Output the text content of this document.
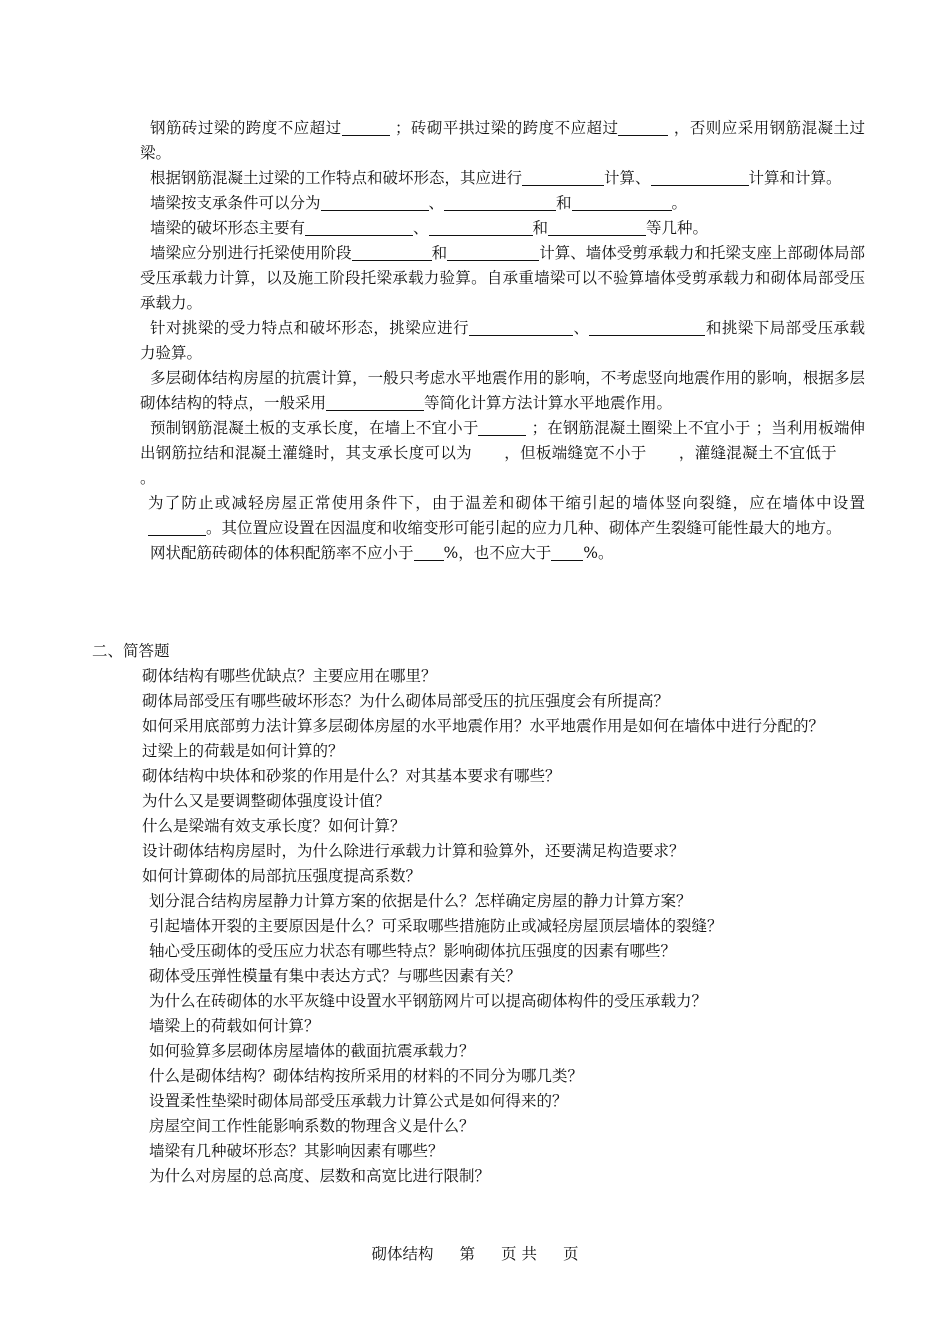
钢筋砖过梁的跨度不应超过	；砖砌平拱过梁的跨度不应超过	，否则应采用钢筋混凝土过梁。

根据钢筋混凝土过梁的工作特点和破坏形态，其应进行	计算、	计算和计算。

墙梁按支承条件可以分为	、	和	。

墙梁的破坏形态主要有	、	和	等几种。

墙梁应分别进行托梁使用阶段	和	计算、墙体受剪承载力和托梁支座上部砌体局部受压承载力计算，以及施工阶段托梁承载力验算。自承重墙梁可以不验算墙体受剪承载力和砌体局部受压承载力。

针对挑梁的受力特点和破坏形态，挑梁应进行	、	和挑梁下局部受压承载力验算。

多层砌体结构房屋的抗震计算，一般只考虑水平地震作用的影响，不考虑竖向地震作用的影响，根据多层砌体结构的特点，一般采用	等简化计算方法计算水平地震作用。

预制钢筋混凝土板的支承长度，在墙上不宜小于	；在钢筋混凝土圈梁上不宜小于 ；当利用板端伸出钢筋拉结和混凝土灌缝时，其支承长度可以为 ，但板端缝宽不小于 ，灌缝混凝土不宜低于。

为了防止或减轻房屋正常使用条件下，由于温差和砌体干缩引起的墙体竖向裂缝，应在墙体中设置。其位置应设置在因温度和收缩变形可能引起的应力几种、砌体产生裂缝可能性最大的地方。

网状配筋砖砌体的体积配筋率不应小于 %，也不应大于 %。

二、简答题

砌体结构有哪些优缺点？主要应用在哪里？
砌体局部受压有哪些破坏形态？为什么砌体局部受压的抗压强度会有所提高？
如何采用底部剪力法计算多层砌体房屋的水平地震作用？水平地震作用是如何在墙体中进行分配的？
过梁上的荷载是如何计算的？
砌体结构中块体和砂浆的作用是什么？对其基本要求有哪些？
为什么又是要调整砌体强度设计值？
什么是梁端有效支承长度？如何计算？
设计砌体结构房屋时，为什么除进行承载力计算和验算外，还要满足构造要求？
如何计算砌体的局部抗压强度提高系数？
划分混合结构房屋静力计算方案的依据是什么？怎样确定房屋的静力计算方案？
引起墙体开裂的主要原因是什么？可采取哪些措施防止或减轻房屋顶层墙体的裂缝？
轴心受压砌体的受压应力状态有哪些特点？影响砌体抗压强度的因素有哪些？
砌体受压弹性模量有集中表达方式？与哪些因素有关？
为什么在砖砌体的水平灰缝中设置水平钢筋网片可以提高砌体构件的受压承载力？
墙梁上的荷载如何计算？
如何验算多层砌体房屋墙体的截面抗震承载力？
什么是砌体结构？砌体结构按所采用的材料的不同分为哪几类？
设置柔性垫梁时砌体局部受压承载力计算公式是如何得来的？
房屋空间工作性能影响系数的物理含义是什么？
墙梁有几种破坏形态？其影响因素有哪些？
为什么对房屋的总高度、层数和高宽比进行限制？
砌体结构 第 页 共 页
